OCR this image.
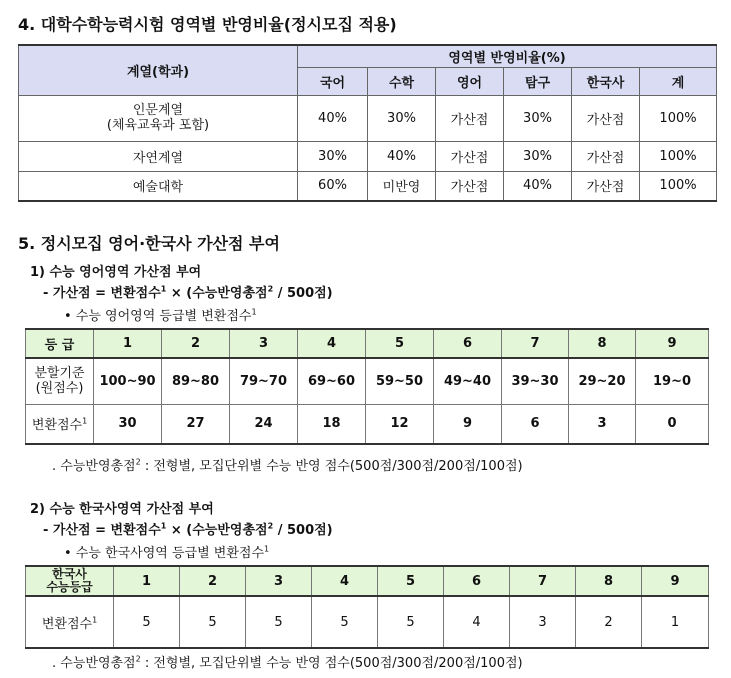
4. 대학수학능력시험 영역별 반영비율(정시모집 적용)
계열(학과)	영역별 반영비율(%)					
	국어	수학	영어	탐구	한국사	계

인문계열
(체육교육과 포함)	40%	30%	가산점	30%	가산점	100%
자연계열	30%	40%	가산점	30%	가산점	100%
예술대학	60%	미반영	가산점	40%	가산점	100%
5. 정시모집 영어·한국사 가산점 부여
1) 수능 영어영역 가산점 부여
- 가산점 = 변환점수$^1$ × (수능반영총점$^2$ / 500점)
• 수능 영어영역 등급별 변환점수$^1$
등 급	1	2	3	4	5	6	7	8	9

분할기준
(원점수)	100~90	89~80	79~70	69~60	59~50	49~40	39~30	29~20	19~0
변환점수$^1$	30	27	24	18	12	9	6	3	0
. 수능반영총점$^2$ : 전형별, 모집단위별 수능 반영 점수(500점/300점/200점/100점)
2) 수능 한국사영역 가산점 부여
- 가산점 = 변환점수$^1$ × (수능반영총점$^2$ / 500점)
• 수능 한국사영역 등급별 변환점수$^1$
한국사
수능등급	1	2	3	4	5	6	7	8	9
변환점수$^1$	5	5	5	5	5	4	3	2	1
. 수능반영총점$^2$ : 전형별, 모집단위별 수능 반영 점수(500점/300점/200점/100점)
